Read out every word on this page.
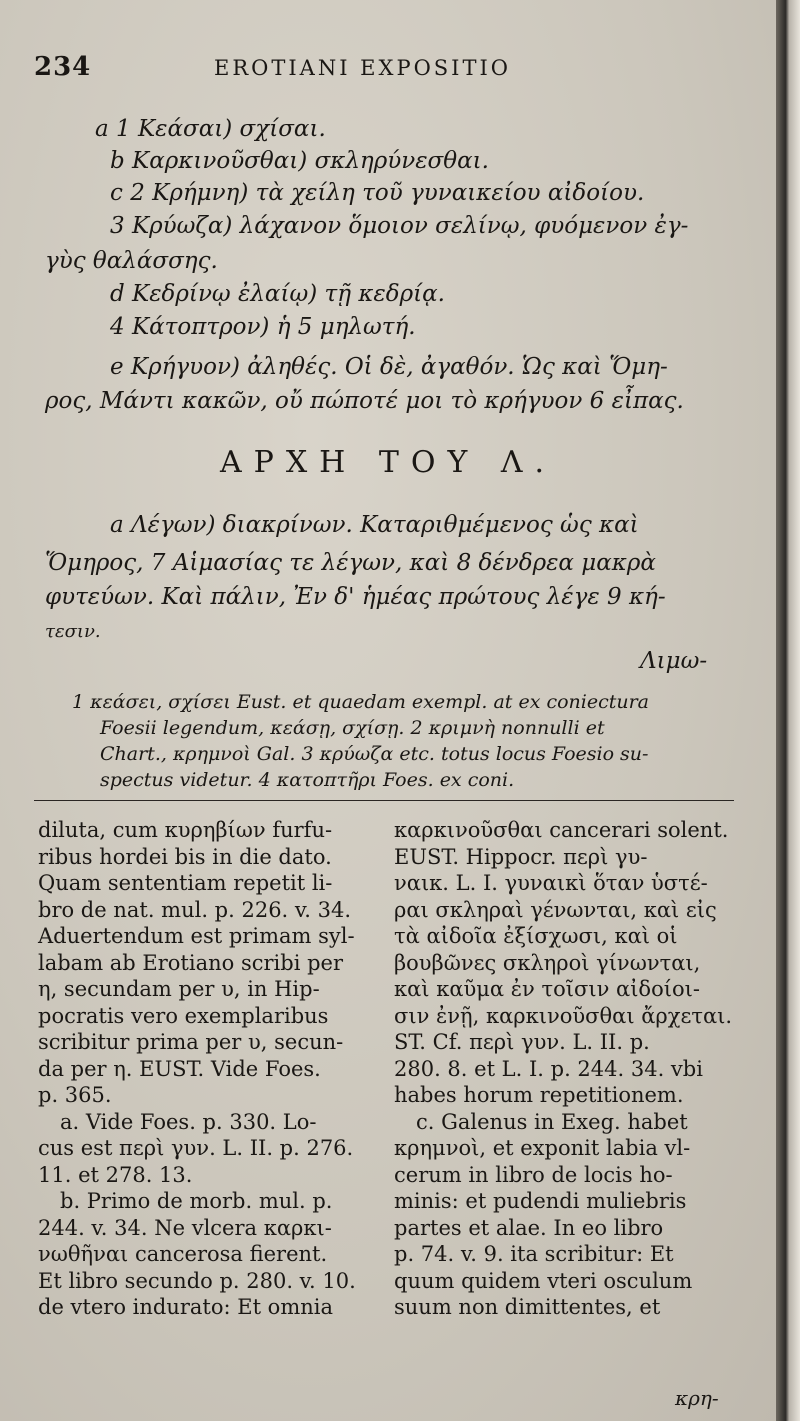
234	EROTIANI EXPOSITIO
a 1 Κεάσαι) σχίσαι.
b Καρκινοῦσθαι) σκληρύνεσθαι.
c 2 Κρήμνη) τὰ χείλη τοῦ γυναικείου αἰδοίου.
3 Κρύωζα) λάχανον ὅμοιον σελίνῳ, φυόμενον ἐγ-
γὺς θαλάσσης.
d Κεδρίνῳ ἐλαίῳ) τῇ κεδρίᾳ.
4 Κάτοπτρον) ἡ 5 μηλωτή.
e Κρήγυον) ἀληθές. Οἱ δὲ, ἀγαθόν. Ὡς καὶ Ὅμη-
ρος, Μάντι κακῶν, οὔ πώποτέ μοι τὸ κρήγυον 6 εἶπας.
ΑΡΧΗ ΤΟΥ Λ.
a Λέγων) διακρίνων. Καταριθμέμενος ὡς καὶ
Ὅμηρος, 7 Αἱμασίας τε λέγων, καὶ 8 δένδρεα μακρὰ
φυτεύων. Καὶ πάλιν, Ἐν δ' ἡμέας πρώτους λέγε 9 κή-
τεσιν.
Λιμω-
1 κεάσει, σχίσει Eust. et quaedam exempl. at ex coniectura
Foesii legendum, κεάσῃ, σχίσῃ. 2 κριμνὴ nonnulli et
Chart., κρημνοὶ Gal. 3 κρύωζα etc. totus locus Foesio su-
spectus videtur. 4 κατοπτῆρι Foes. ex coni.
diluta, cum κυρηβίων furfu-
ribus hordei bis in die dato.
Quam sententiam repetit li-
bro de nat. mul. p. 226. v. 34.
Aduertendum est primam syl-
labam ab Erotiano scribi per
η, secundam per υ, in Hip-
pocratis vero exemplaribus
scribitur prima per υ, secun-
da per η. EUST. Vide Foes.
p. 365.
a. Vide Foes. p. 330. Lo-
cus est περὶ γυν. L. II. p. 276.
11. et 278. 13.
b. Primo de morb. mul. p.
244. v. 34. Ne vlcera καρκι-
νωθῆναι cancerosa fierent.
Et libro secundo p. 280. v. 10.
de vtero indurato: Et omnia
καρκινοῦσθαι cancerari solent.
EUST. Hippocr. περὶ γυ-
ναικ. L. I. γυναικὶ ὅταν ὑστέ-
ραι σκληραὶ γένωνται, καὶ εἰς
τὰ αἰδοῖα ἐξίσχωσι, καὶ οἱ
βουβῶνες σκληροὶ γίνωνται,
καὶ καῦμα ἐν τοῖσιν αἰδοίοι-
σιν ἐνῇ, καρκινοῦσθαι ἄρχεται.
ST. Cf. περὶ γυν. L. II. p.
280. 8. et L. I. p. 244. 34. vbi
habes horum repetitionem.
c. Galenus in Exeg. habet
κρημνοὶ, et exponit labia vl-
cerum in libro de locis ho-
minis: et pudendi muliebris
partes et alae. In eo libro
p. 74. v. 9. ita scribitur: Et
quum quidem vteri osculum
suum non dimittentes, et
κρη-
